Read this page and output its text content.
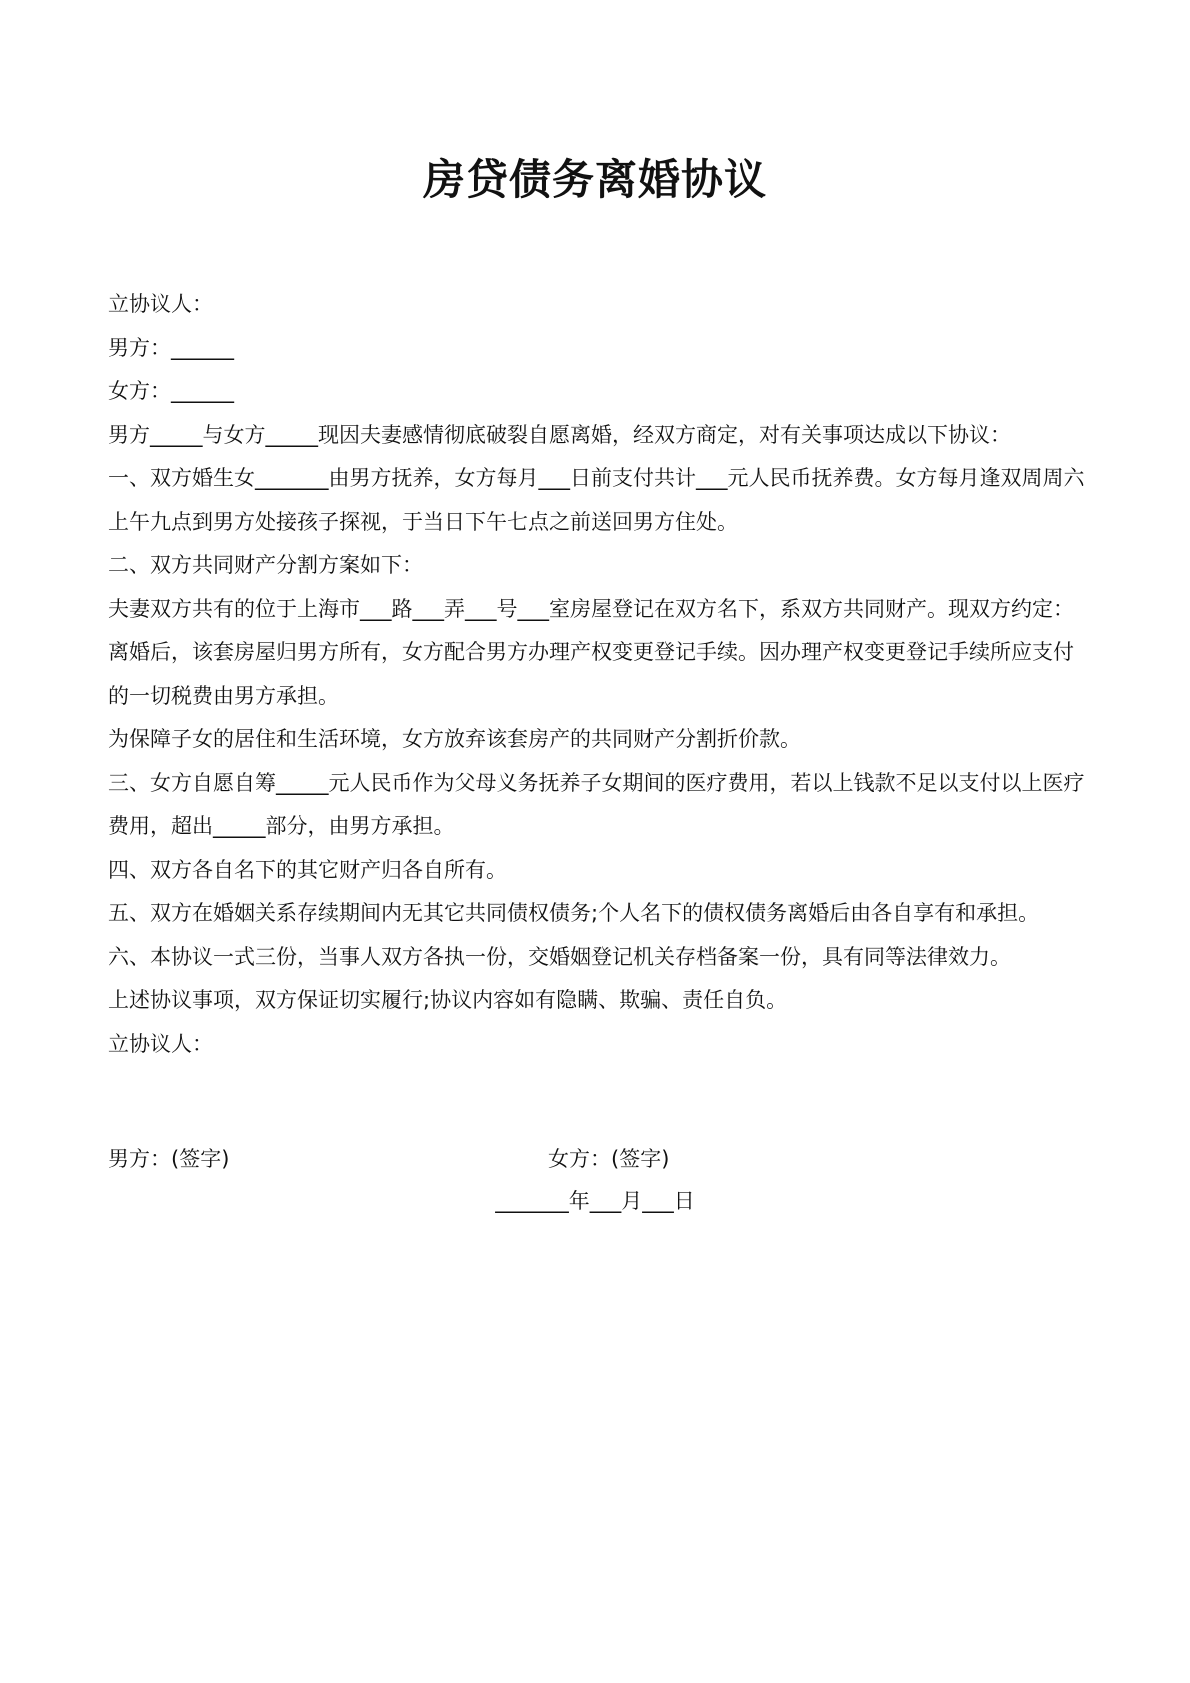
房贷债务离婚协议

立协议人：

男方：______

女方：______

男方_____与女方_____现因夫妻感情彻底破裂自愿离婚，经双方商定，对有关事项达成以下协议：

一、双方婚生女_______由男方抚养，女方每月___日前支付共计___元人民币抚养费。女方每月逢双周周六上午九点到男方处接孩子探视，于当日下午七点之前送回男方住处。

二、双方共同财产分割方案如下：

夫妻双方共有的位于上海市___路___弄___号___室房屋登记在双方名下，系双方共同财产。现双方约定：

离婚后，该套房屋归男方所有，女方配合男方办理产权变更登记手续。因办理产权变更登记手续所应支付的一切税费由男方承担。

为保障子女的居住和生活环境，女方放弃该套房产的共同财产分割折价款。

三、女方自愿自筹_____元人民币作为父母义务抚养子女期间的医疗费用，若以上钱款不足以支付以上医疗费用，超出_____部分，由男方承担。

四、双方各自名下的其它财产归各自所有。

五、双方在婚姻关系存续期间内无其它共同债权债务;个人名下的债权债务离婚后由各自享有和承担。

六、本协议一式三份，当事人双方各执一份，交婚姻登记机关存档备案一份，具有同等法律效力。

上述协议事项，双方保证切实履行;协议内容如有隐瞒、欺骗、责任自负。

立协议人：

男方：(签字)	女方：(签字)
_______年___月___日
